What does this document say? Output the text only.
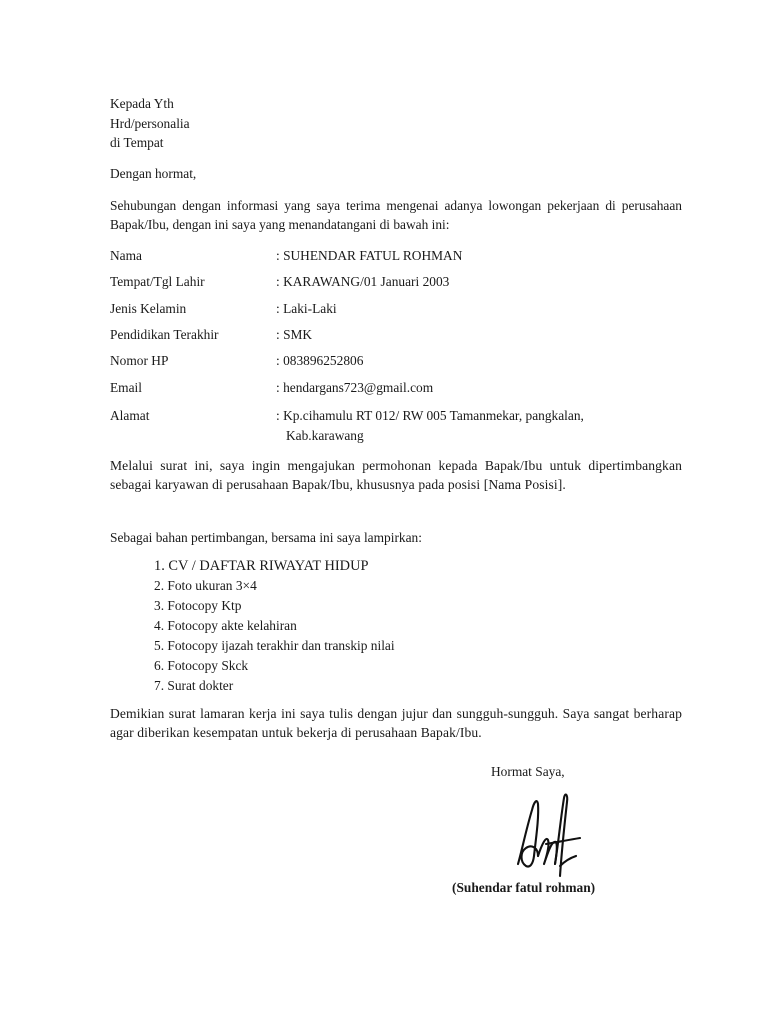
Kepada Yth
Hrd/personalia
di Tempat
Dengan hormat,
Sehubungan dengan informasi yang saya terima mengenai adanya lowongan pekerjaan di perusahaan Bapak/Ibu, dengan ini saya yang menandatangani di bawah ini:
Nama	: SUHENDAR FATUL ROHMAN
Tempat/Tgl Lahir	: KARAWANG/01 Januari 2003
Jenis Kelamin	: Laki-Laki
Pendidikan Terakhir	: SMK
Nomor HP	: 083896252806
Email	: hendargans723@gmail.com
Alamat	: Kp.cihamulu RT 012/ RW 005 Tamanmekar, pangkalan,
Kab.karawang
Melalui surat ini, saya ingin mengajukan permohonan kepada Bapak/Ibu untuk dipertimbangkan sebagai karyawan di perusahaan Bapak/Ibu, khususnya pada posisi [Nama Posisi].
Sebagai bahan pertimbangan, bersama ini saya lampirkan:
1. CV / DAFTAR RIWAYAT HIDUP
2. Foto ukuran 3×4
3. Fotocopy Ktp
4. Fotocopy akte kelahiran
5. Fotocopy ijazah terakhir dan transkip nilai
6. Fotocopy Skck
7. Surat dokter
Demikian surat lamaran kerja ini saya tulis dengan jujur dan sungguh-sungguh. Saya sangat berharap agar diberikan kesempatan untuk bekerja di perusahaan Bapak/Ibu.
Hormat Saya,
(Suhendar fatul rohman)
